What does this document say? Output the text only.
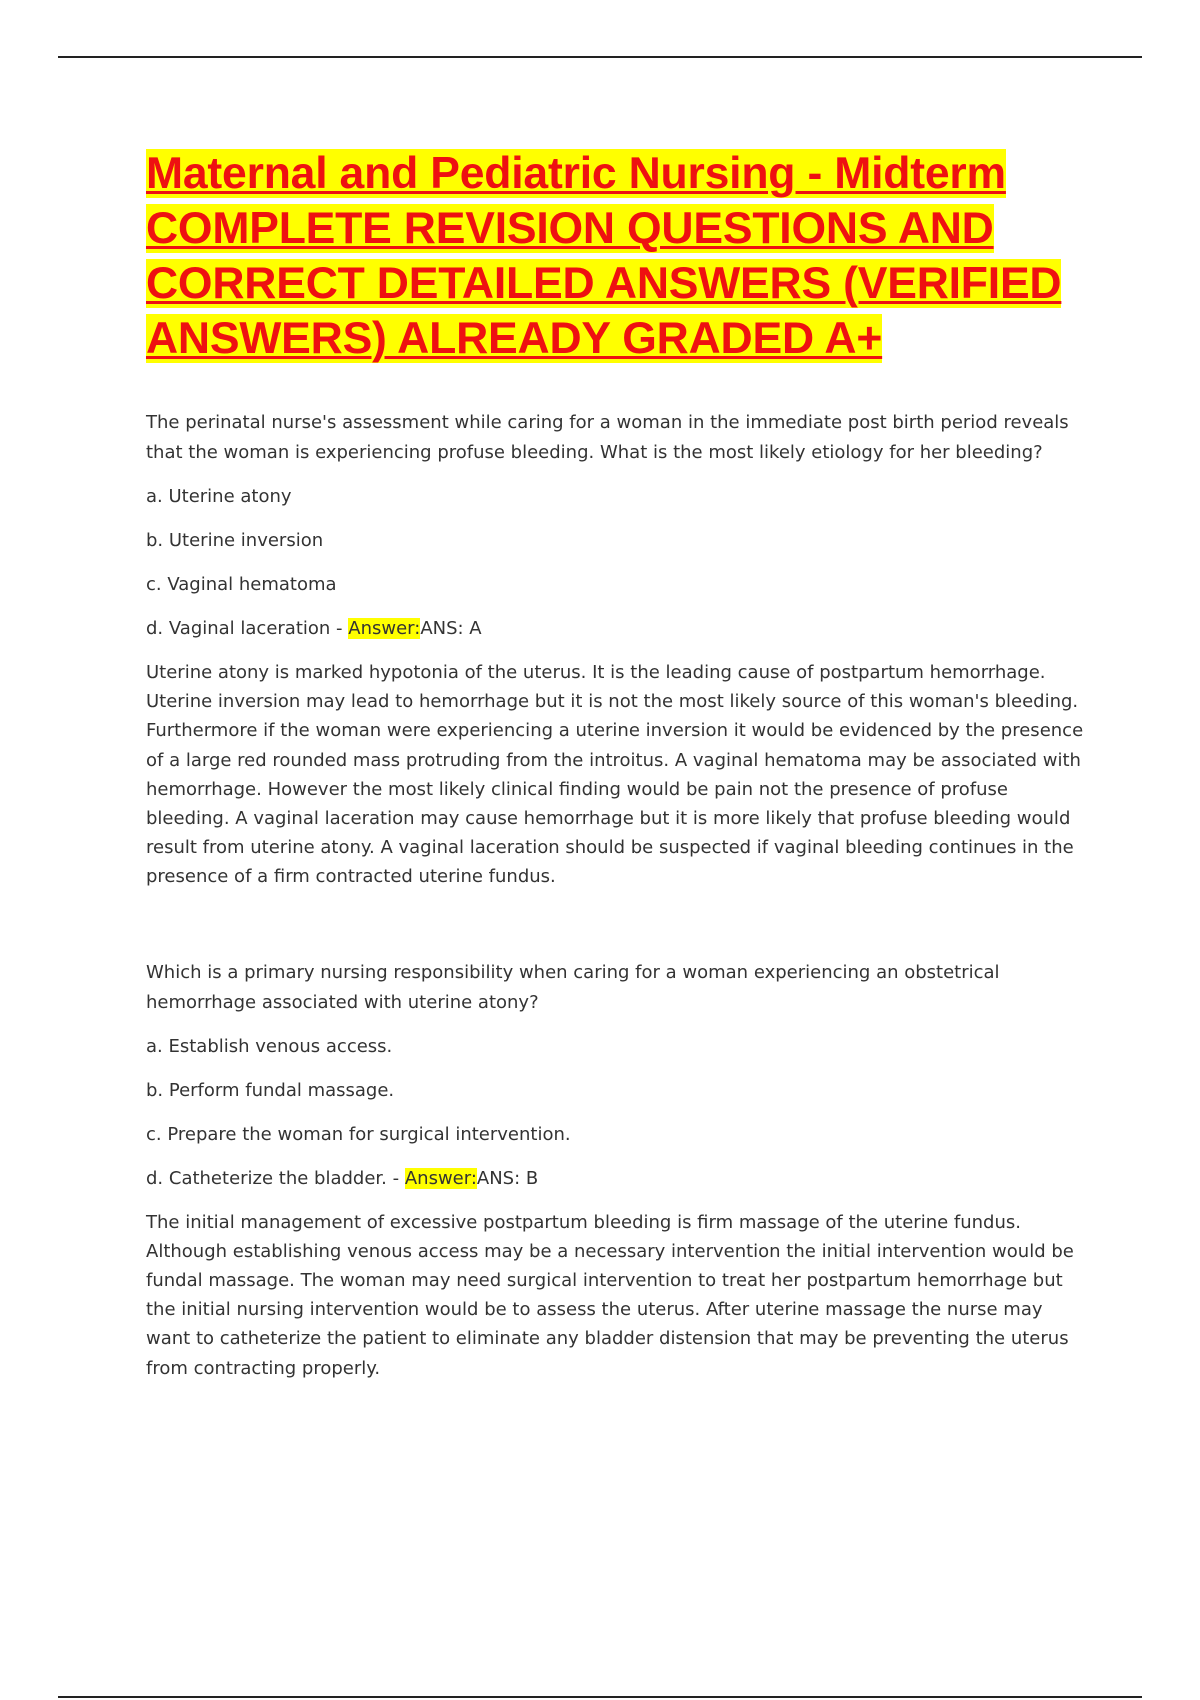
Maternal and Pediatric Nursing - Midterm COMPLETE REVISION QUESTIONS AND CORRECT DETAILED ANSWERS (VERIFIED ANSWERS) ALREADY GRADED A+

The perinatal nurse's assessment while caring for a woman in the immediate post birth period reveals that the woman is experiencing profuse bleeding. What is the most likely etiology for her bleeding?

a. Uterine atony

b. Uterine inversion

c. Vaginal hematoma

d. Vaginal laceration - Answer:ANS: A

Uterine atony is marked hypotonia of the uterus. It is the leading cause of postpartum hemorrhage. Uterine inversion may lead to hemorrhage but it is not the most likely source of this woman's bleeding. Furthermore if the woman were experiencing a uterine inversion it would be evidenced by the presence of a large red rounded mass protruding from the introitus. A vaginal hematoma may be associated with hemorrhage. However the most likely clinical finding would be pain not the presence of profuse bleeding. A vaginal laceration may cause hemorrhage but it is more likely that profuse bleeding would result from uterine atony. A vaginal laceration should be suspected if vaginal bleeding continues in the presence of a firm contracted uterine fundus.

Which is a primary nursing responsibility when caring for a woman experiencing an obstetrical hemorrhage associated with uterine atony?

a. Establish venous access.

b. Perform fundal massage.

c. Prepare the woman for surgical intervention.

d. Catheterize the bladder. - Answer:ANS: B

The initial management of excessive postpartum bleeding is firm massage of the uterine fundus. Although establishing venous access may be a necessary intervention the initial intervention would be fundal massage. The woman may need surgical intervention to treat her postpartum hemorrhage but the initial nursing intervention would be to assess the uterus. After uterine massage the nurse may want to catheterize the patient to eliminate any bladder distension that may be preventing the uterus from contracting properly.
